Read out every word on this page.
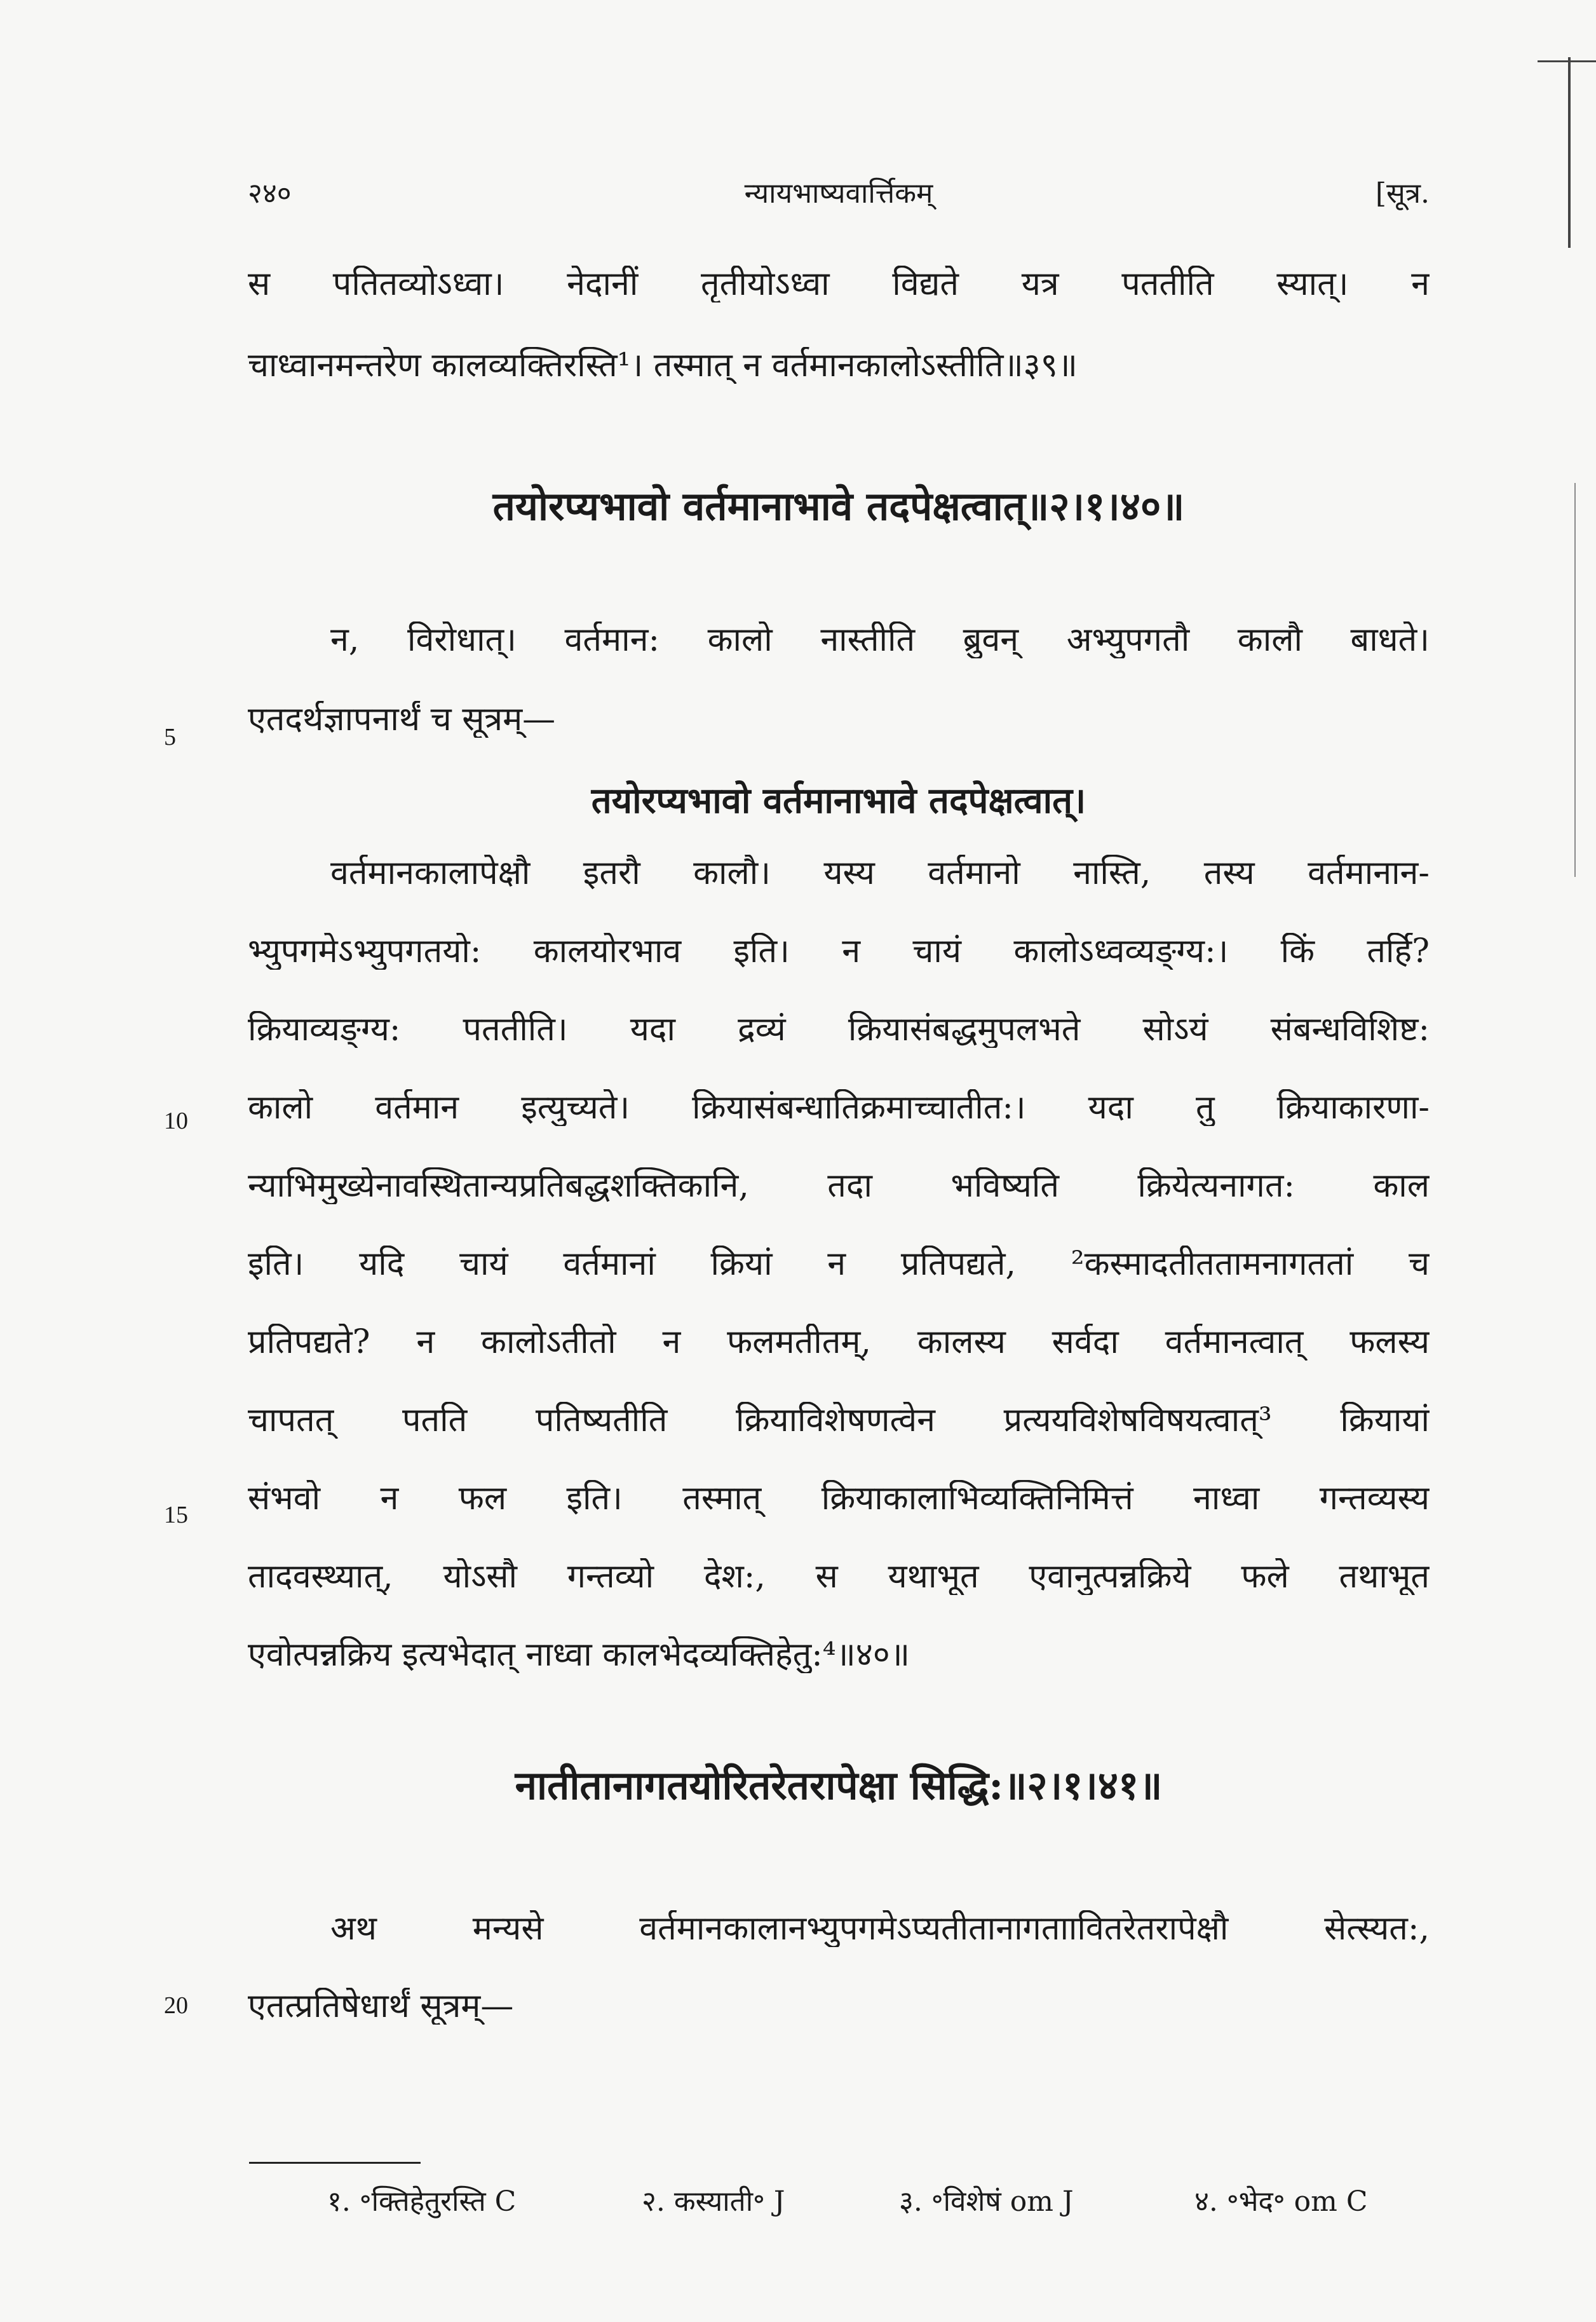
२४०	न्यायभाष्यवार्त्तिकम्	[सूत्र.
स पतितव्योऽध्वा। नेदानीं तृतीयोऽध्वा विद्यते यत्र पततीति स्यात्। न
चाध्वानमन्तरेण कालव्यक्तिरस्ति¹। तस्मात् न वर्तमानकालोऽस्तीति॥३९॥
तयोरप्यभावो वर्तमानाभावे तदपेक्षत्वात्॥२।१।४०॥
न, विरोधात्। वर्तमान: कालो नास्तीति ब्रुवन् अभ्युपगतौ कालौ बाधते।
एतदर्थज्ञापनार्थं च सूत्रम्—
5
तयोरप्यभावो वर्तमानाभावे तदपेक्षत्वात्।
वर्तमानकालापेक्षौ इतरौ कालौ। यस्य वर्तमानो नास्ति, तस्य वर्तमानान-
भ्युपगमेऽभ्युपगतयो: कालयोरभाव इति। न चायं कालोऽध्वव्यङ्ग्य:। किं तर्हि?
क्रियाव्यङ्ग्य: पततीति। यदा द्रव्यं क्रियासंबद्धमुपलभते सोऽयं संबन्धविशिष्ट:
कालो वर्तमान इत्युच्यते। क्रियासंबन्धातिक्रमाच्चातीत:। यदा तु क्रियाकारणा-
10
न्याभिमुख्येनावस्थितान्यप्रतिबद्धशक्तिकानि, तदा भविष्यति क्रियेत्यनागत: काल
इति। यदि चायं वर्तमानां क्रियां न प्रतिपद्यते, ²कस्मादतीततामनागततां च
प्रतिपद्यते? न कालोऽतीतो न फलमतीतम्, कालस्य सर्वदा वर्तमानत्वात् फलस्य
चापतत् पतति पतिष्यतीति क्रियाविशेषणत्वेन प्रत्ययविशेषविषयत्वात्³ क्रियायां
संभवो न फल इति। तस्मात् क्रियाकालाभिव्यक्तिनिमित्तं नाध्वा गन्तव्यस्य
15
तादवस्थ्यात्, योऽसौ गन्तव्यो देश:, स यथाभूत एवानुत्पन्नक्रिये फले तथाभूत
एवोत्पन्नक्रिय इत्यभेदात् नाध्वा कालभेदव्यक्तिहेतु:⁴॥४०॥
नातीतानागतयोरितरेतरापेक्षा सिद्धि:॥२।१।४१॥
अथ मन्यसे वर्तमानकालानभ्युपगमेऽप्यतीतानागताावितरेतरापेक्षौ सेत्स्यत:,
एतत्प्रतिषेधार्थं सूत्रम्—
20
१. ॰क्तिहेतुरस्ति C	२. कस्याती॰ J	३. ॰विशेषं om J	४. ॰भेद॰ om C
